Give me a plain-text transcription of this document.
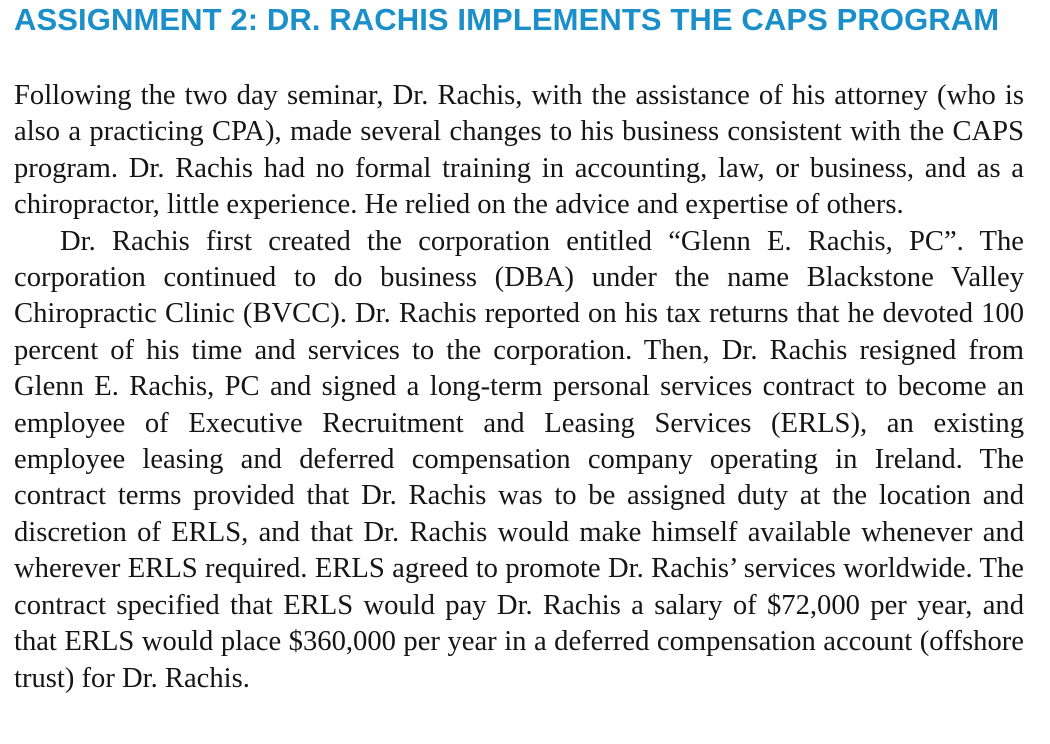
ASSIGNMENT 2: DR. RACHIS IMPLEMENTS THE CAPS PROGRAM

Following the two day seminar, Dr. Rachis, with the assistance of his attorney (who is also a practicing CPA), made several changes to his business consistent with the CAPS program. Dr. Rachis had no formal training in accounting, law, or business, and as a chiropractor, little experience. He relied on the advice and expertise of others.

Dr. Rachis first created the corporation entitled “Glenn E. Rachis, PC”. The corporation continued to do business (DBA) under the name Blackstone Valley Chiropractic Clinic (BVCC). Dr. Rachis reported on his tax returns that he devoted 100 percent of his time and services to the corporation. Then, Dr. Rachis resigned from Glenn E. Rachis, PC and signed a long-term personal services contract to become an employee of Executive Recruitment and Leasing Services (ERLS), an existing employee leasing and deferred compensation company operating in Ireland. The contract terms provided that Dr. Rachis was to be assigned duty at the location and discretion of ERLS, and that Dr. Rachis would make himself available whenever and wherever ERLS required. ERLS agreed to promote Dr. Rachis’ services worldwide. The contract specified that ERLS would pay Dr. Rachis a salary of $72,000 per year, and that ERLS would place $360,000 per year in a deferred compensation account (offshore trust) for Dr. Rachis.
